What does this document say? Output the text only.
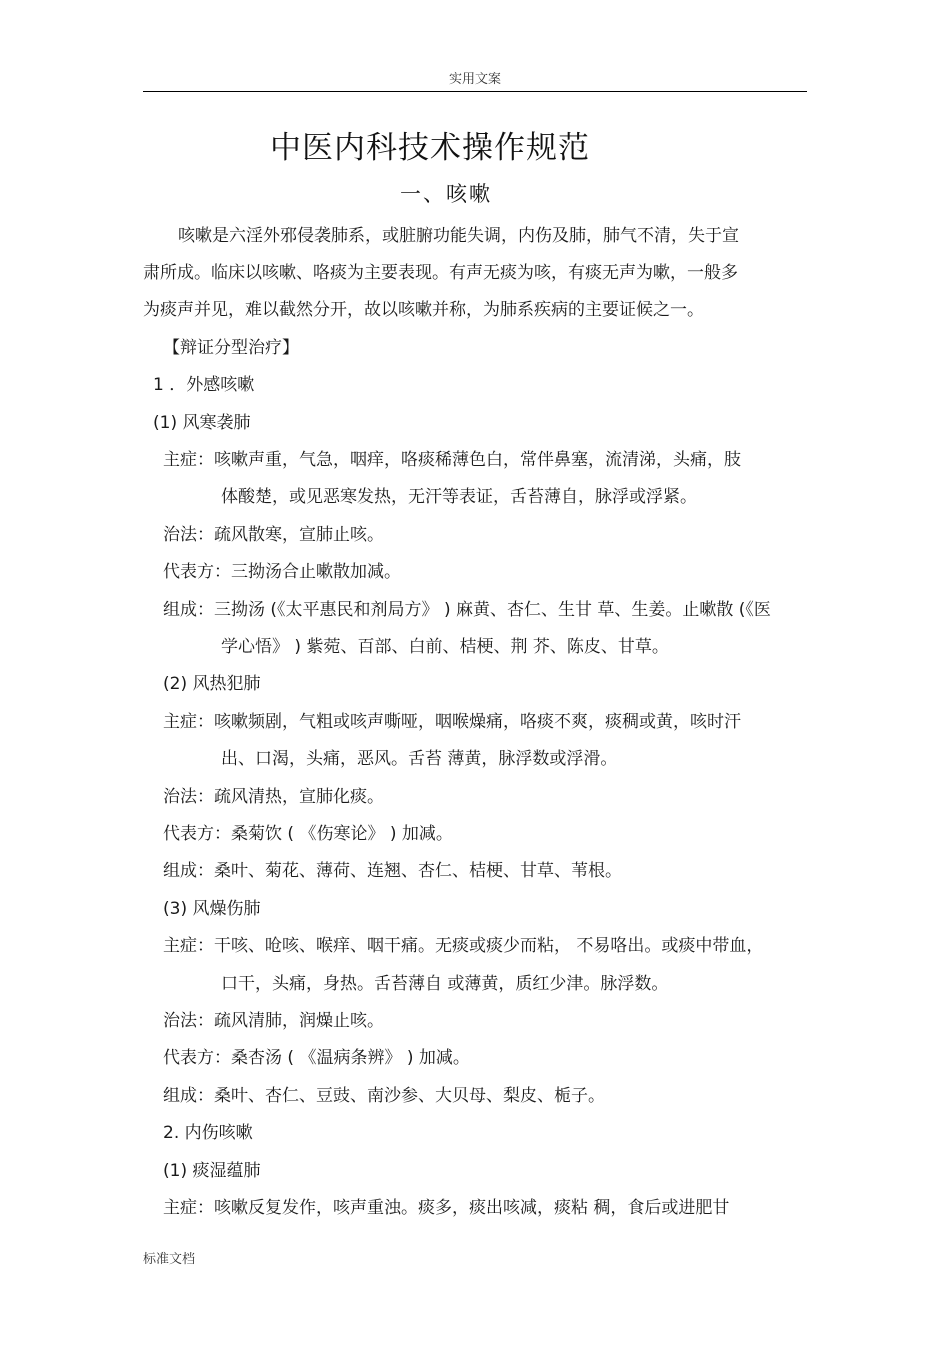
实用文案
中医内科技术操作规范
一、咳嗽
咳嗽是六淫外邪侵袭肺系，或脏腑功能失调，内伤及肺，肺气不清，失于宣
肃所成。临床以咳嗽、咯痰为主要表现。有声无痰为咳，有痰无声为嗽，一般多
为痰声并见，难以截然分开，故以咳嗽并称，为肺系疾病的主要证候之一。
【辩证分型治疗】
1 ．外感咳嗽
(1) 风寒袭肺
主症：咳嗽声重，气急，咽痒，咯痰稀薄色白，常伴鼻塞，流清涕，头痛，肢
体酸楚，或见恶寒发热，无汗等表证，舌苔薄自，脉浮或浮紧。
治法：疏风散寒，宣肺止咳。
代表方：三拗汤合止嗽散加减。
组成：三拗汤 (《太平惠民和剂局方》 ) 麻黄、杏仁、生甘 草、生姜。止嗽散 (《医
学心悟》 ) 紫菀、百部、白前、桔梗、荆 芥、陈皮、甘草。
(2) 风热犯肺
主症：咳嗽频剧，气粗或咳声嘶哑，咽喉燥痛，咯痰不爽，痰稠或黄，咳时汗
出、口渴，头痛，恶风。舌苔 薄黄，脉浮数或浮滑。
治法：疏风清热，宣肺化痰。
代表方：桑菊饮 ( 《伤寒论》 ) 加减。
组成：桑叶、菊花、薄荷、连翘、杏仁、桔梗、甘草、苇根。
(3) 风燥伤肺
主症：干咳、呛咳、喉痒、咽干痛。无痰或痰少而粘， 不易咯出。或痰中带血，
口干，头痛，身热。舌苔薄自 或薄黄，质红少津。脉浮数。
治法：疏风清肺，润燥止咳。
代表方：桑杏汤 ( 《温病条辨》 ) 加减。
组成：桑叶、杏仁、豆豉、南沙参、大贝母、梨皮、栀子。
2. 内伤咳嗽
(1) 痰湿蕴肺
主症：咳嗽反复发作，咳声重浊。痰多，痰出咳减，痰粘 稠，食后或进肥甘
标准文档
